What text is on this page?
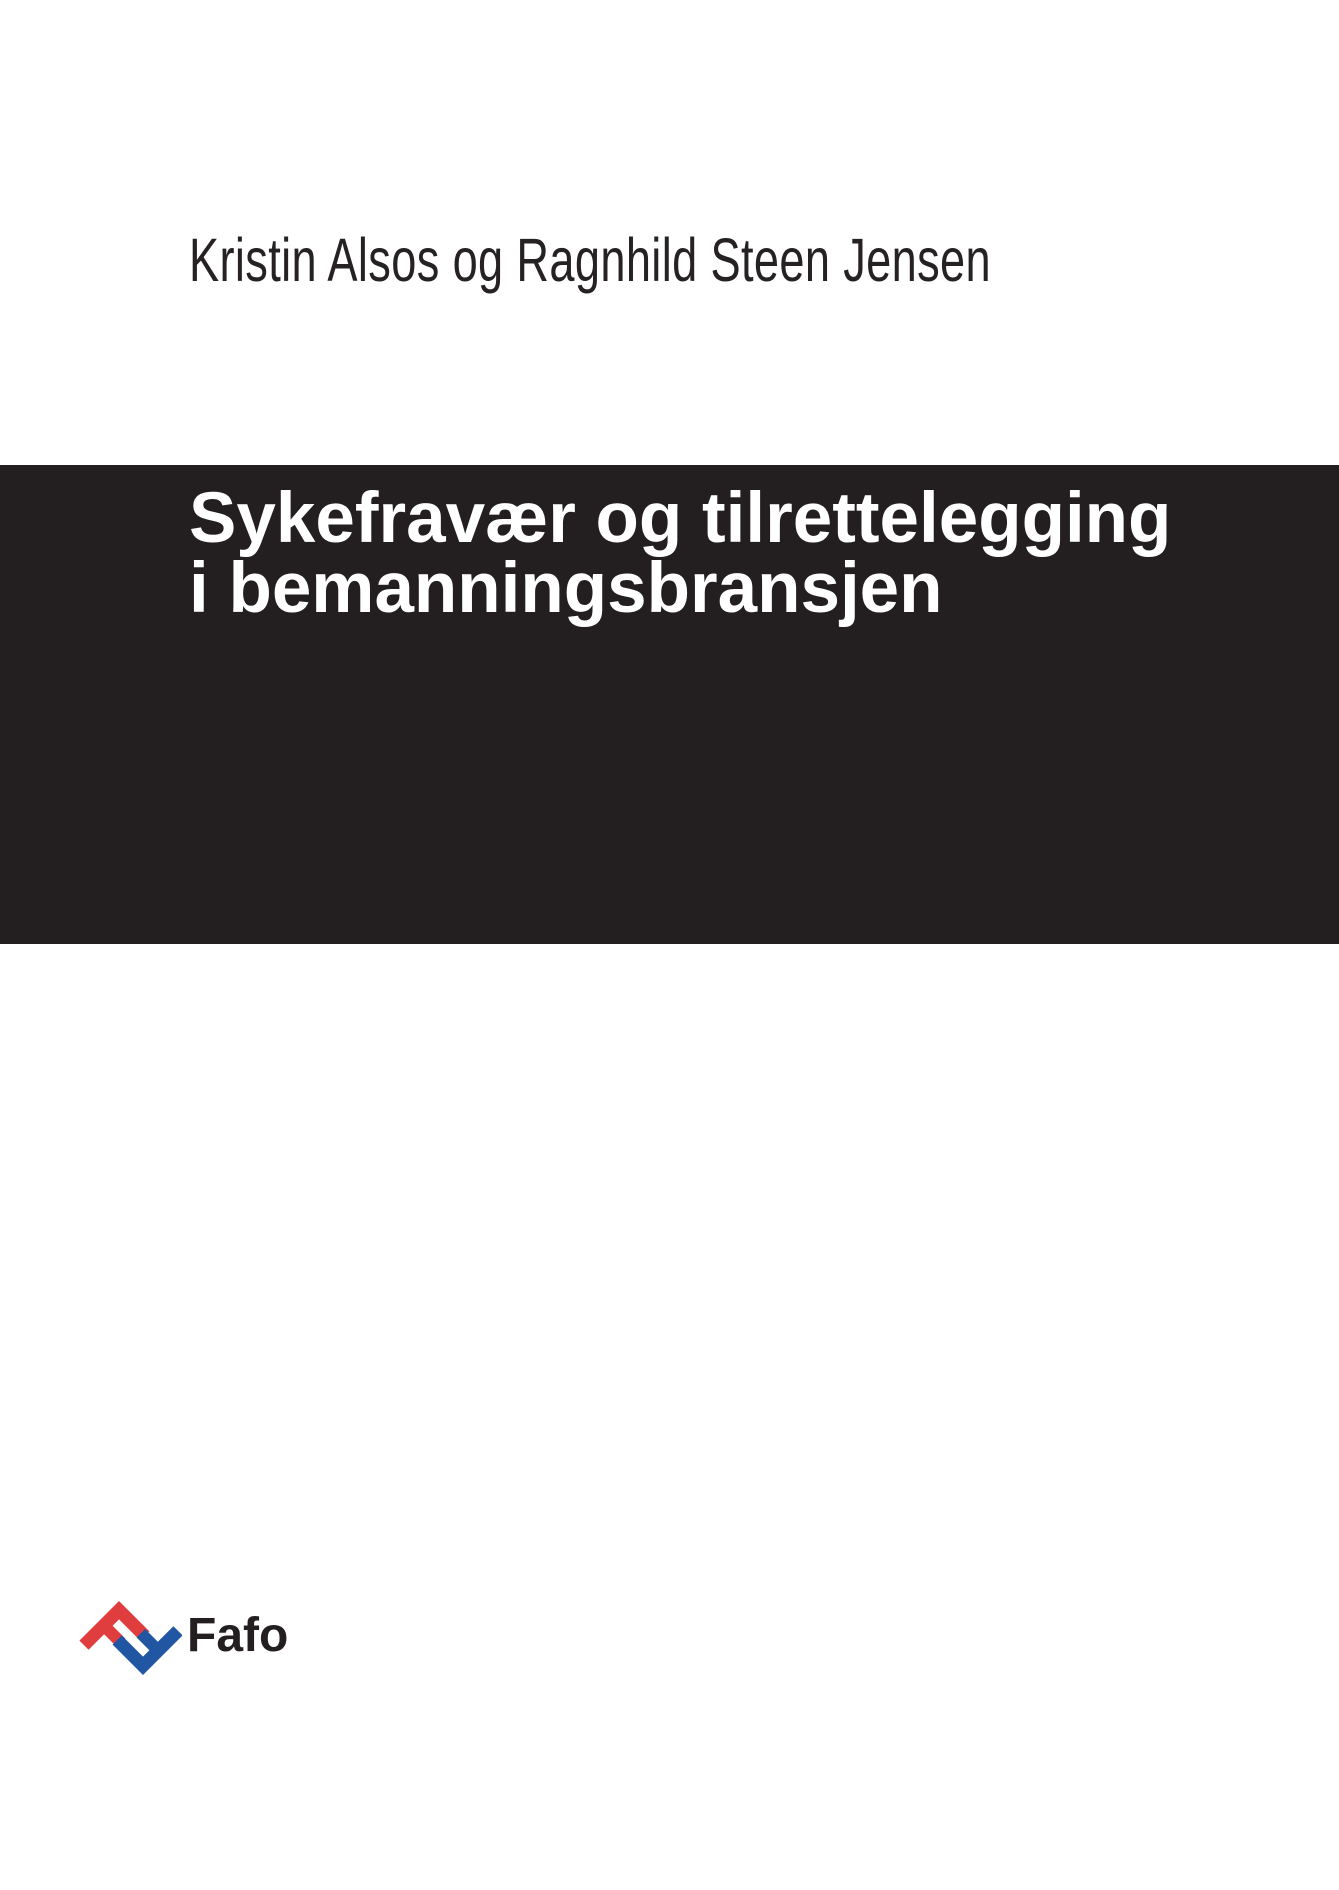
Kristin Alsos og Ragnhild Steen Jensen
Sykefravær og tilrettelegging
i bemanningsbransjen
Fafo
